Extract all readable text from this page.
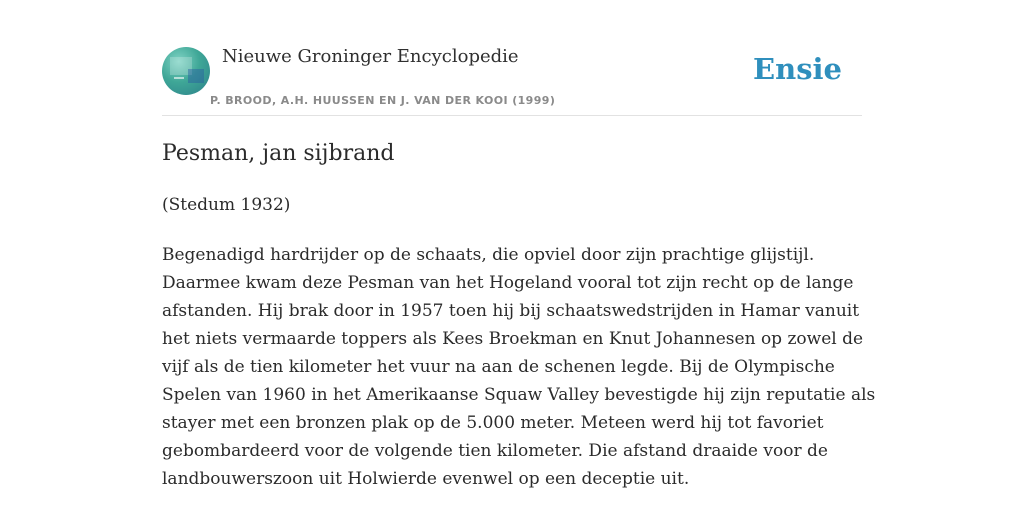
Nieuwe Groninger Encyclopedie
P. BROOD, A.H. HUUSSEN EN J. VAN DER KOOI (1999)
Ensie
Pesman, jan sijbrand

(Stedum 1932)

Begenadigd hardrijder op de schaats, die opviel door zijn prachtige glijstijl.
Daarmee kwam deze Pesman van het Hogeland vooral tot zijn recht op de lange
afstanden. Hij brak door in 1957 toen hij bij schaatswedstrijden in Hamar vanuit
het niets vermaarde toppers als Kees Broekman en Knut Johannesen op zowel de
vijf als de tien kilometer het vuur na aan de schenen legde. Bij de Olympische
Spelen van 1960 in het Amerikaanse Squaw Valley bevestigde hij zijn reputatie als
stayer met een bronzen plak op de 5.000 meter. Meteen werd hij tot favoriet
gebombardeerd voor de volgende tien kilometer. Die afstand draaide voor de
landbouwerszoon uit Holwierde evenwel op een deceptie uit.
